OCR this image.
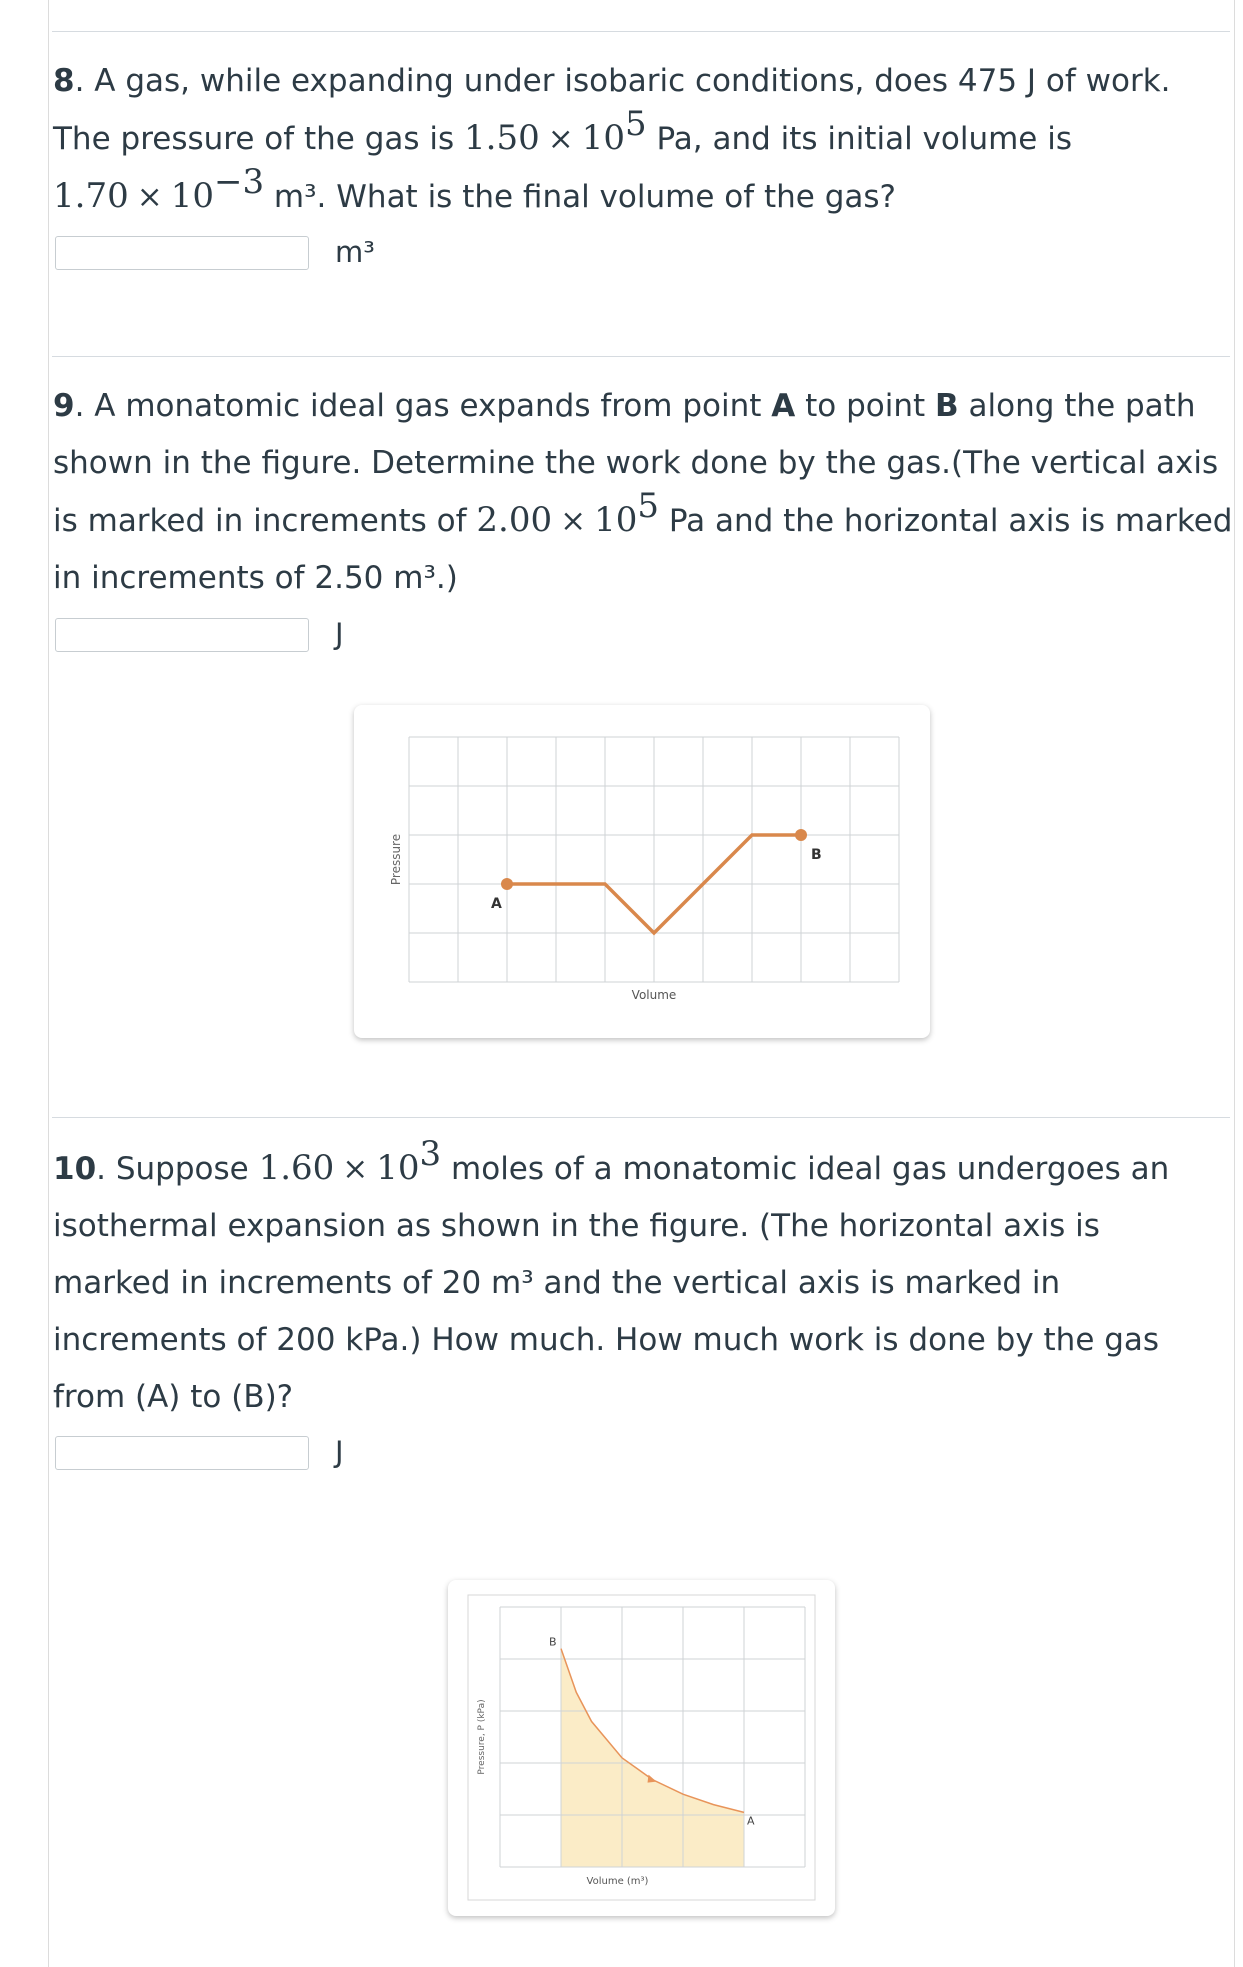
8. A gas, while expanding under isobaric conditions, does 475 J of work.
The pressure of the gas is $1.50 \times 10^5$ Pa, and its initial volume is
$1.70 \times 10^{-3}$ m³. What is the final volume of the gas?
m³
9. A monatomic ideal gas expands from point A to point B along the path
shown in the figure. Determine the work done by the gas.(The vertical axis
is marked in increments of $2.00 \times 10^5$ Pa and the horizontal axis is marked
in increments of 2.50 m³.)
J
A
B
Volume
Pressure
10. Suppose $1.60 \times 10^3$ moles of a monatomic ideal gas undergoes an
isothermal expansion as shown in the figure. (The horizontal axis is
marked in increments of 20 m³ and the vertical axis is marked in
increments of 200 kPa.) How much. How much work is done by the gas
from (A) to (B)?
J
B
A
Volume (m³)
Pressure, P (kPa)
